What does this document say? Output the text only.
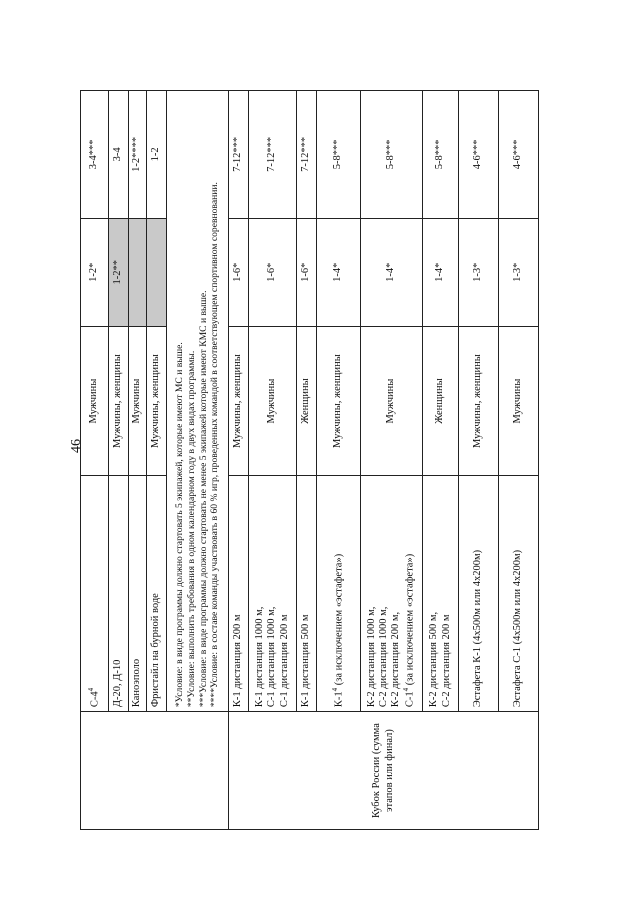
46
	$С-4^4$	Мужчины	1-2*	3-4***
	Д-20, Д-10	Мужчины, женщины	1-2**	3-4
	Каноэполо	Мужчины		1-2****
	Фристайл на бурной воде	Мужчины, женщины		1-2

	*Условие: в виде программы должно стартовать 5 экипажей, которые имеют МС и выше. **Условие: выполнить требования в одном календарном году в двух видах программы. ***Условие: в виде программы должно стартовать не менее 5 экипажей которые имеют КМС и выше. ****Условие: в составе команды участвовать в 60 % игр, проведенных командой в соответствующем спортивном соревновании.			

Кубок России (сумма этапов или финал)	К-1 дистанция 200 м	Мужчины, женщины	1-6*	7-12***

	К-1 дистанция 1000 м, С-1 дистанция 1000 м, С-1 дистанция 200 м	Мужчины	1-6*	7-12***

	К-1 дистанция 500 м	Женщины	1-6*	7-12***

	$К-1^4$ (за исключением «эстафета»)	Мужчины, женщины	1-4*	5-8***

	К-2 дистанция 1000 м, С-2 дистанция 1000 м, К-2 дистанция 200 м, $С-1^4$ (за исключением «эстафета»)	Мужчины	1-4*	5-8***

	К-2 дистанция 500 м, С-2 дистанция 200 м	Женщины	1-4*	5-8***

	Эстафета К-1 (4х500м или 4х200м)	Мужчины, женщины	1-3*	4-6***

	Эстафета С-1 (4х500м или 4х200м)	Мужчины	1-3*	4-6***
